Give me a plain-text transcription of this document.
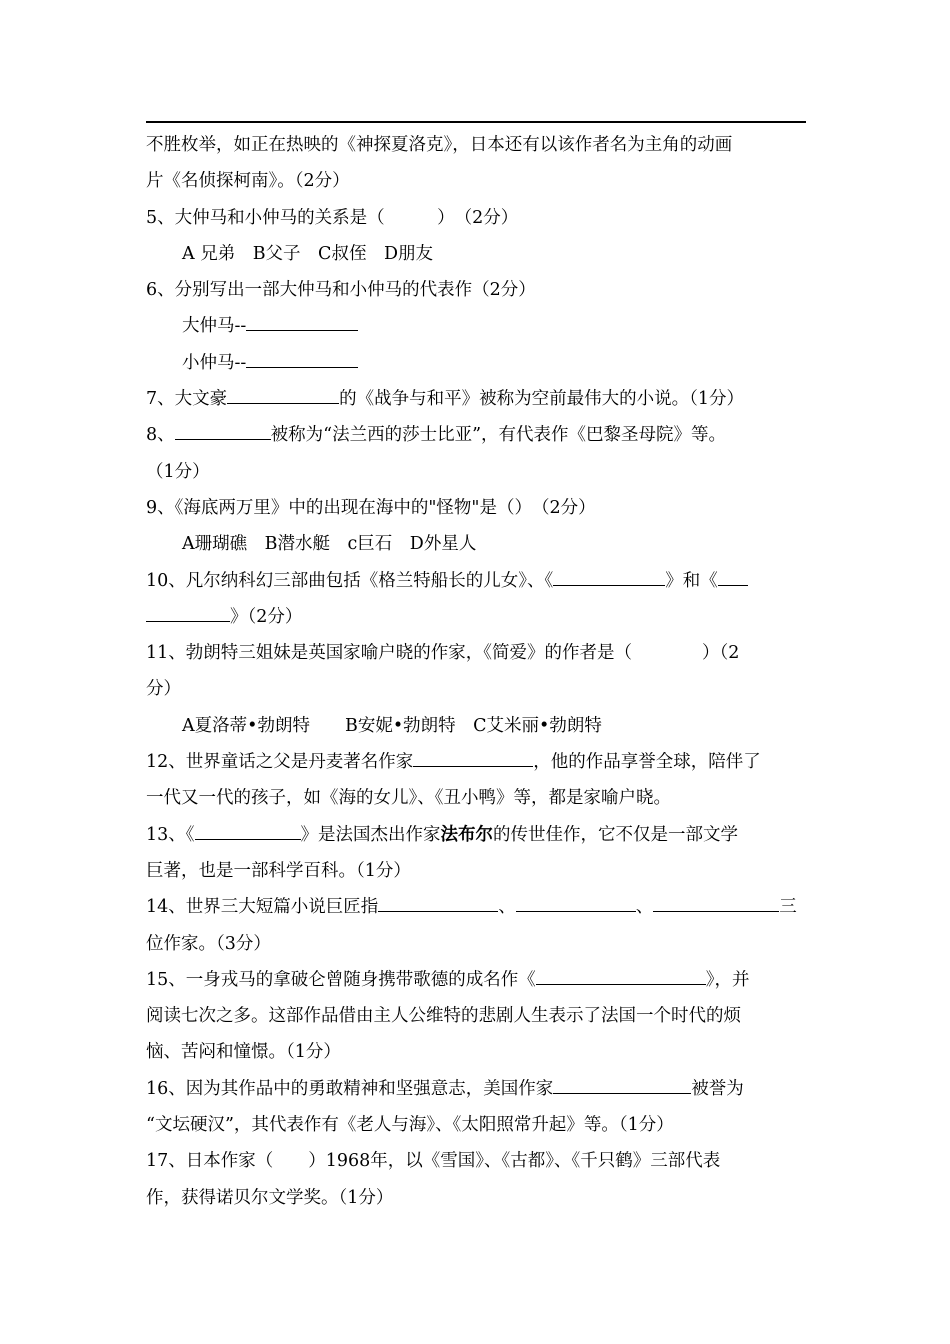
不胜枚举，如正在热映的《神探夏洛克》，日本还有以该作者名为主角的动画
片《名侦探柯南》。（2分）
5、大仲马和小仲马的关系是（　　　）　（2分）
A 兄弟　B父子　C叔侄　D朋友
6、分别写出一部大仲马和小仲马的代表作（2分）
大仲马--
小仲马--
7、大文豪	的《战争与和平》被称为空前最伟大的小说。（1分）
8、	被称为“法兰西的莎士比亚”，有代表作《巴黎圣母院》等。
（1分）
9、《海底两万里》中的出现在海中的"怪物"是（）　（2分）
A珊瑚礁　B潜水艇　c巨石　D外星人
10、凡尔纳科幻三部曲包括《格兰特船长的儿女》、《	》和《
》（2分）
11、勃朗特三姐妹是英国家喻户晓的作家，《简爱》的作者是（　　　　）（2
分）
A夏洛蒂•勃朗特　　B安妮•勃朗特　C艾米丽•勃朗特
12、世界童话之父是丹麦著名作家	，他的作品享誉全球，陪伴了
一代又一代的孩子，如《海的女儿》、《丑小鸭》等，都是家喻户晓。
13、《	》是法国杰出作家法布尔的传世佳作，它不仅是一部文学
巨著，也是一部科学百科。（1分）
14、世界三大短篇小说巨匠指	、	、	三
位作家。（3分）
15、一身戎马的拿破仑曾随身携带歌德的成名作《	》，并
阅读七次之多。这部作品借由主人公维特的悲剧人生表示了法国一个时代的烦
恼、苦闷和憧憬。（1分）
16、因为其作品中的勇敢精神和坚强意志，美国作家	被誉为
“文坛硬汉”，其代表作有《老人与海》、《太阳照常升起》等。（1分）
17、日本作家（　　）1968年，以《雪国》、《古都》、《千只鹤》三部代表
作，获得诺贝尔文学奖。（1分）
